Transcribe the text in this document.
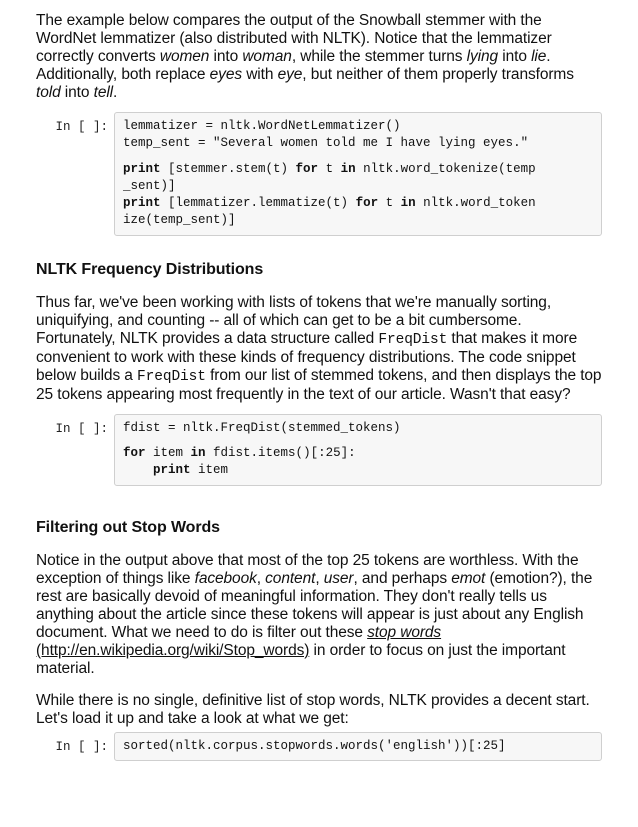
The example below compares the output of the Snowball stemmer with the WordNet lemmatizer (also distributed with NLTK). Notice that the lemmatizer correctly converts women into woman, while the stemmer turns lying into lie. Additionally, both replace eyes with eye, but neither of them properly transforms told into tell.

In [ ]:	lemmatizer = nltk.WordNetLemmatizer()
temp_sent = "Several women told me I have lying eyes."
print [stemmer.stem(t) for t in nltk.word_tokenize(temp
_sent)]
print [lemmatizer.lemmatize(t) for t in nltk.word_token
ize(temp_sent)]
NLTK Frequency Distributions

Thus far, we've been working with lists of tokens that we're manually sorting, uniquifying, and counting -- all of which can get to be a bit cumbersome. Fortunately, NLTK provides a data structure called FreqDist that makes it more convenient to work with these kinds of frequency distributions. The code snippet below builds a FreqDist from our list of stemmed tokens, and then displays the top 25 tokens appearing most frequently in the text of our article. Wasn't that easy?

In [ ]:	fdist = nltk.FreqDist(stemmed_tokens)
for item in fdist.items()[:25]:
print item
Filtering out Stop Words

Notice in the output above that most of the top 25 tokens are worthless. With the exception of things like facebook, content, user, and perhaps emot (emotion?), the rest are basically devoid of meaningful information. They don't really tells us anything about the article since these tokens will appear is just about any English document. What we need to do is filter out these stop words (http://en.wikipedia.org/wiki/Stop_words) in order to focus on just the important material.

While there is no single, definitive list of stop words, NLTK provides a decent start. Let's load it up and take a look at what we get:

In [ ]:	sorted(nltk.corpus.stopwords.words('english'))[:25]
